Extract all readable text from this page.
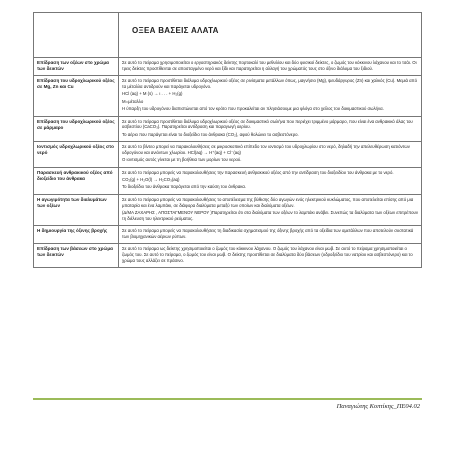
	ΟΞΕΑ ΒΑΣΕΙΣ ΑΛΑΤΑ

Επίδραση των οξέων στο χρώμα των δεικτών	Σε αυτό το πείραμα χρησιμοποιείται ο εργαστηριακός δείκτης πορτοκαλί του μεθυλίου και δύο φυσικοί δείκτες, ο ζωμός του κόκκινου λάχανου και το τσάι. Οι τρεις δείκτες προστίθενται σε αποσταγμένο νερό και ξίδι και παρατηρείται η αλλαγή του χρώματός τους στο όξινο διάλυμα του ξιδιού.

Επίδραση του υδροχλωρικού οξέος σε Mg, Zn και Cu	Σε αυτό το πείραμα προστίθεται διάλυμα υδροχλωρικού οξέος σε ρινίσματα μετάλλων όπως, μαγνήσιο (Mg), ψευδάργυρος (Zn) και χαλκός (Cu). Μεμιά από τα μέταλλα αντιδρούν και παράγεται υδρογόνο.

HCl (aq) + M (s) → ι . . . + H₂(g)

M=μέταλλο

Η ύπαρξη του υδρογόνου διαπιστώνεται από τον κρότο που προκαλείται αν πλησιάσουμε μια φλόγα στο χείλος του δοκιμαστικού σωλήνα.

Επίδραση του υδροχλωρικού οξέος σε μάρμαρο	Σε αυτό το πείραμα προστίθεται διάλυμα υδροχλωρικού οξέος σε δοκιμαστικό σωλήνα που περιέχει τριμμένο μάρμαρο, που είναι ένα ανθρακικό άλας του ασβεστίου (CaCO₃). Παρατηρείται αντίδραση και παραγωγή αερίου.

Το αέριο που παράγεται είναι το διοξείδιο του άνθρακα (CO₂), αφού θολώνει το ασβεστόνερο.

Ιοντισμός υδροχλωρικού οξέος στο νερό	Σε αυτό το βίντεο μπορεί να παρακολουθήσεις σε μικροσκοπικό επίπεδο τον ιοντισμό του υδροχλωρίου στο νερό, δηλαδή την απελευθέρωση κατιόντων υδρογόνου και ανιόντων χλωρίου. HCl(aq) → H⁺(aq) + Cl⁻(aq)

Ο ιοντισμός αυτός γίνεται με τη βοήθεια των μορίων του νερού.

Παρασκευή ανθρακικού οξέος από διοξείδιο του άνθρακα	Σε αυτό το πείραμα μπορείς να παρακολουθήσεις την παρασκευή ανθρακικού οξέος από την αντίδραση του διοξειδίου του άνθρακα με το νερό.

CO₂(g) + H₂O(l) → H₂CO₃(aq)

Το διοξείδιο του άνθρακα παράγεται από την καύση του άνθρακα.

Η αγωγιμότητα των διαλυμάτων των οξέων	Σε αυτό το πείραμα μπορείς να παρακολουθήσεις το αποτέλεσμα της βύθισης δύο αγωγών ενός ηλεκτρικού κυκλώματος, που αποτελείται επίσης από μια μπαταρία και ένα λαμπάκι, σε διάφορα διαλύματα μεταξύ των οποίων και διαλύματα οξέων.

(Δ/ΜΑ ΖΑΧΑΡΗΣ , ΑΠΟΣΤΑΓΜΕΝΟΥ ΝΕΡΟΥ )Παρατηρείται ότι στα διαλύματα των οξέων το λαμπάκι ανάβει. Συνεπώς τα διαλύματα των οξέων επιτρέπουν τη διέλευση του ηλεκτρικού ρεύματος.

Η δημιουργία της όξινης βροχής	Σε αυτό το πείραμα μπορείς να παρακολουθήσεις τη διαδικασία σχηματισμού της όξινης βροχής από τα οξείδια των αμετάλλων που αποτελούν συστατικά των βιομηχανικών αέριων ρύπων.

Επίδραση των βάσεων στο χρώμα των δεικτών	Σε αυτό το πείραμα ως δείκτης χρησιμοποιείται ο ζωμός του κόκκινου λάχανου. Ο ζωμός του λάχανου είναι μωβ. Σε αυτό το πείραμα χρησιμοποιείται ο ζωμός του. Σε αυτό το πείραμα, ο ζωμός του είναι μωβ. Ο δείκτης προστίθεται σε διαλύματα δύο βάσεων (υδροξείδιο του νατρίου και ασβεστόνερο) και το χρώμα τους αλλάζει σε πράσινο.

Παναγιώτης Κοπτίκης_ΠΕ04.02
